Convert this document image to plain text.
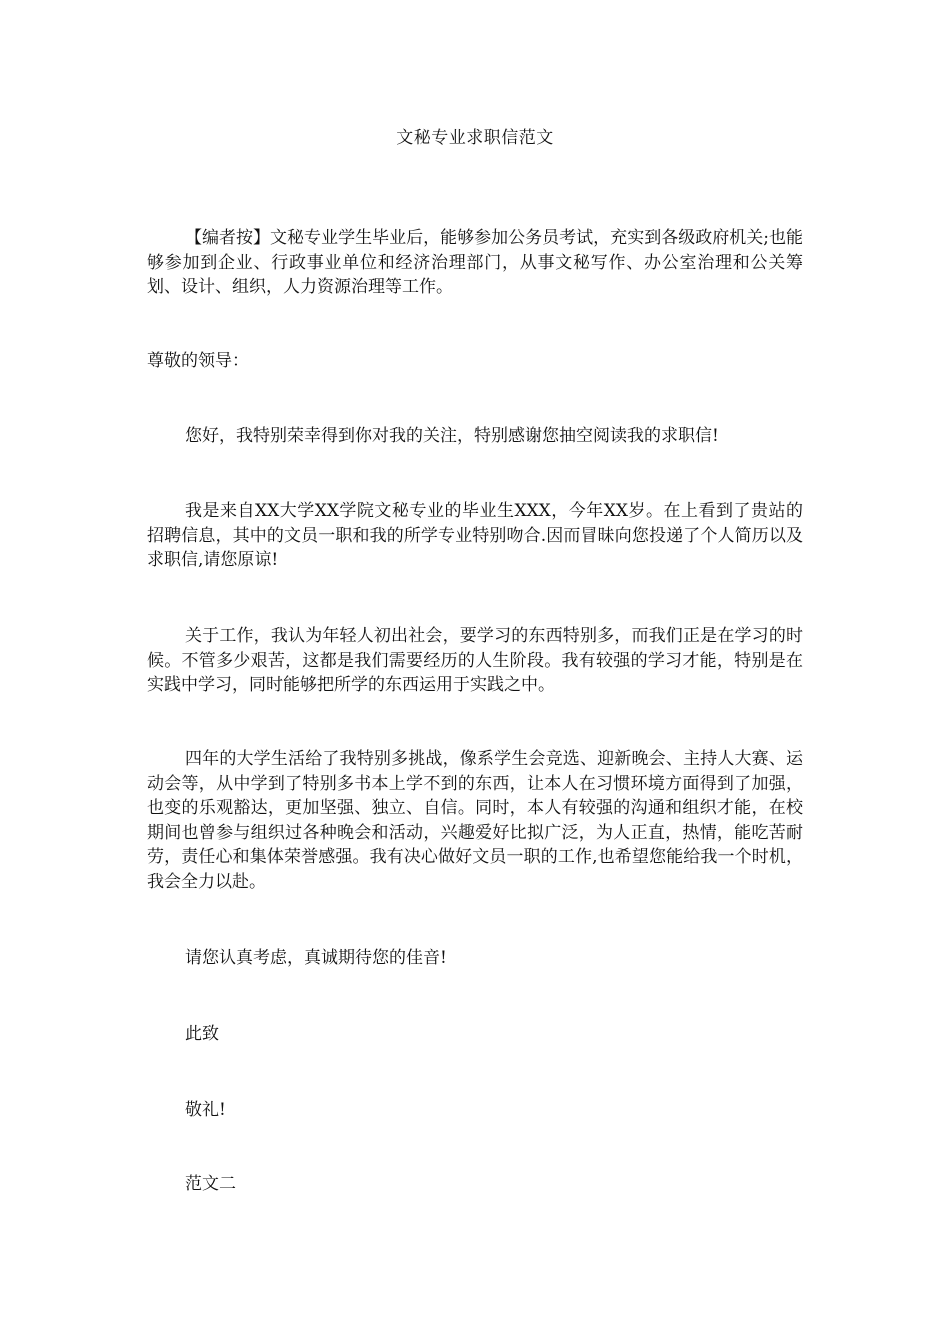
文秘专业求职信范文

【编者按】文秘专业学生毕业后，能够参加公务员考试，充实到各级政府机关;也能够参加到企业、行政事业单位和经济治理部门，从事文秘写作、办公室治理和公关筹划、设计、组织，人力资源治理等工作。

尊敬的领导：

您好，我特别荣幸得到你对我的关注，特别感谢您抽空阅读我的求职信!

我是来自XX大学XX学院文秘专业的毕业生XXX，今年XX岁。在上看到了贵站的招聘信息，其中的文员一职和我的所学专业特别吻合.因而冒昧向您投递了个人简历以及求职信,请您原谅!

关于工作，我认为年轻人初出社会，要学习的东西特别多，而我们正是在学习的时候。不管多少艰苦，这都是我们需要经历的人生阶段。我有较强的学习才能，特别是在实践中学习，同时能够把所学的东西运用于实践之中。

四年的大学生活给了我特别多挑战，像系学生会竞选、迎新晚会、主持人大赛、运动会等，从中学到了特别多书本上学不到的东西，让本人在习惯环境方面得到了加强，也变的乐观豁达，更加坚强、独立、自信。同时，本人有较强的沟通和组织才能，在校期间也曾参与组织过各种晚会和活动，兴趣爱好比拟广泛，为人正直，热情，能吃苦耐劳，责任心和集体荣誉感强。我有决心做好文员一职的工作,也希望您能给我一个时机，我会全力以赴。

请您认真考虑，真诚期待您的佳音!

此致

敬礼!

范文二
